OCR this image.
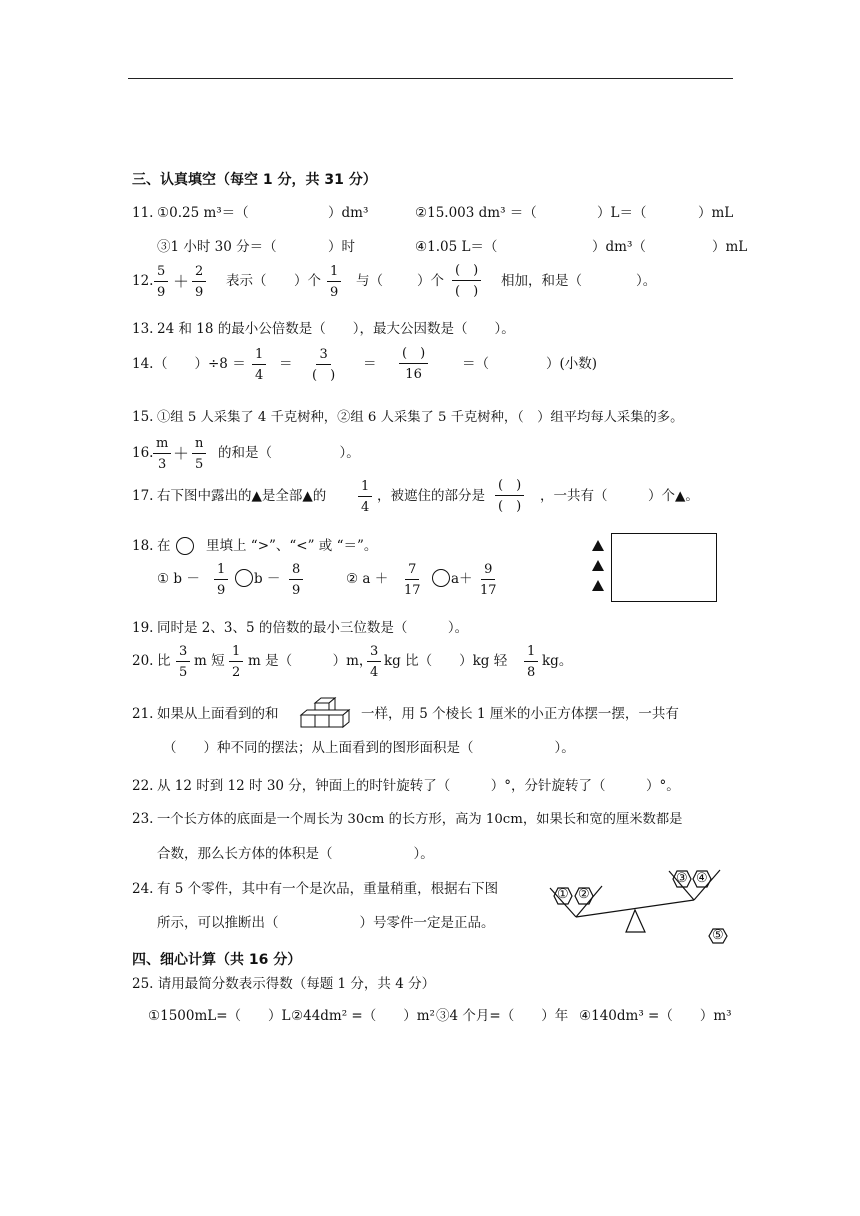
三、认真填空（每空 1 分，共 31 分）
11. ①0.25 m³＝（	）dm³	②15.003 dm³ ＝（	）L＝（	）mL
③1 小时 30 分＝（	）时	④1.05 L＝（	）dm³（	）mL
12.
5
9
＋
2
9
表示（ ）个
1
9
与（	）个
(　)
(　)
相加，和是（	）。
13. 24 和 18 的最小公倍数是（　　），最大公因数是（　　）。
14. （　　）÷8 ＝
1
4
＝
3
(　)
＝
(　)
16
＝（	）(小数)
15. ①组 5 人采集了 4 千克树种，②组 6 人采集了 5 千克树种，（　）组平均每人采集的多。
16.
m
3
＋
n
5
的和是（　　　　　）。
17. 右下图中露出的▲是全部▲的
1
4
，被遮住的部分是
(　)
(　)
，一共有（　　　）个▲。
18. 在	里填上 “>”、“<” 或 “＝”。
① b －
1
9
b －
8
9
② a ＋
7
17
a＋
9
17
19. 同时是 2、3、5 的倍数的最小三位数是（　　　）。
20. 比
3
5
m 短
1
2
m 是（　　　）m，
3
4
kg 比（　　）kg 轻
1
8
kg。
21. 如果从上面看到的和	一样，用 5 个棱长 1 厘米的小正方体摆一摆，一共有
（　　）种不同的摆法；从上面看到的图形面积是（　　　　　　）。
22. 从 12 时到 12 时 30 分，钟面上的时针旋转了（　　　）°，分针旋转了（　　　）°。
23. 一个长方体的底面是一个周长为 30cm 的长方形，高为 10cm，如果长和宽的厘米数都是
合数，那么长方体的体积是（　　　　　　）。
24. 有 5 个零件，其中有一个是次品，重量稍重，根据右下图
所示，可以推断出（　　　　　　）号零件一定是正品。
① ②
③ ④
⑤
四、细心计算（共 16 分）
25. 请用最简分数表示得数（每题 1 分，共 4 分）
①1500mL=（　　）L ②44dm² =（　　）m² ③4 个月=（　　）年 ④140dm³ =（　　）m³
